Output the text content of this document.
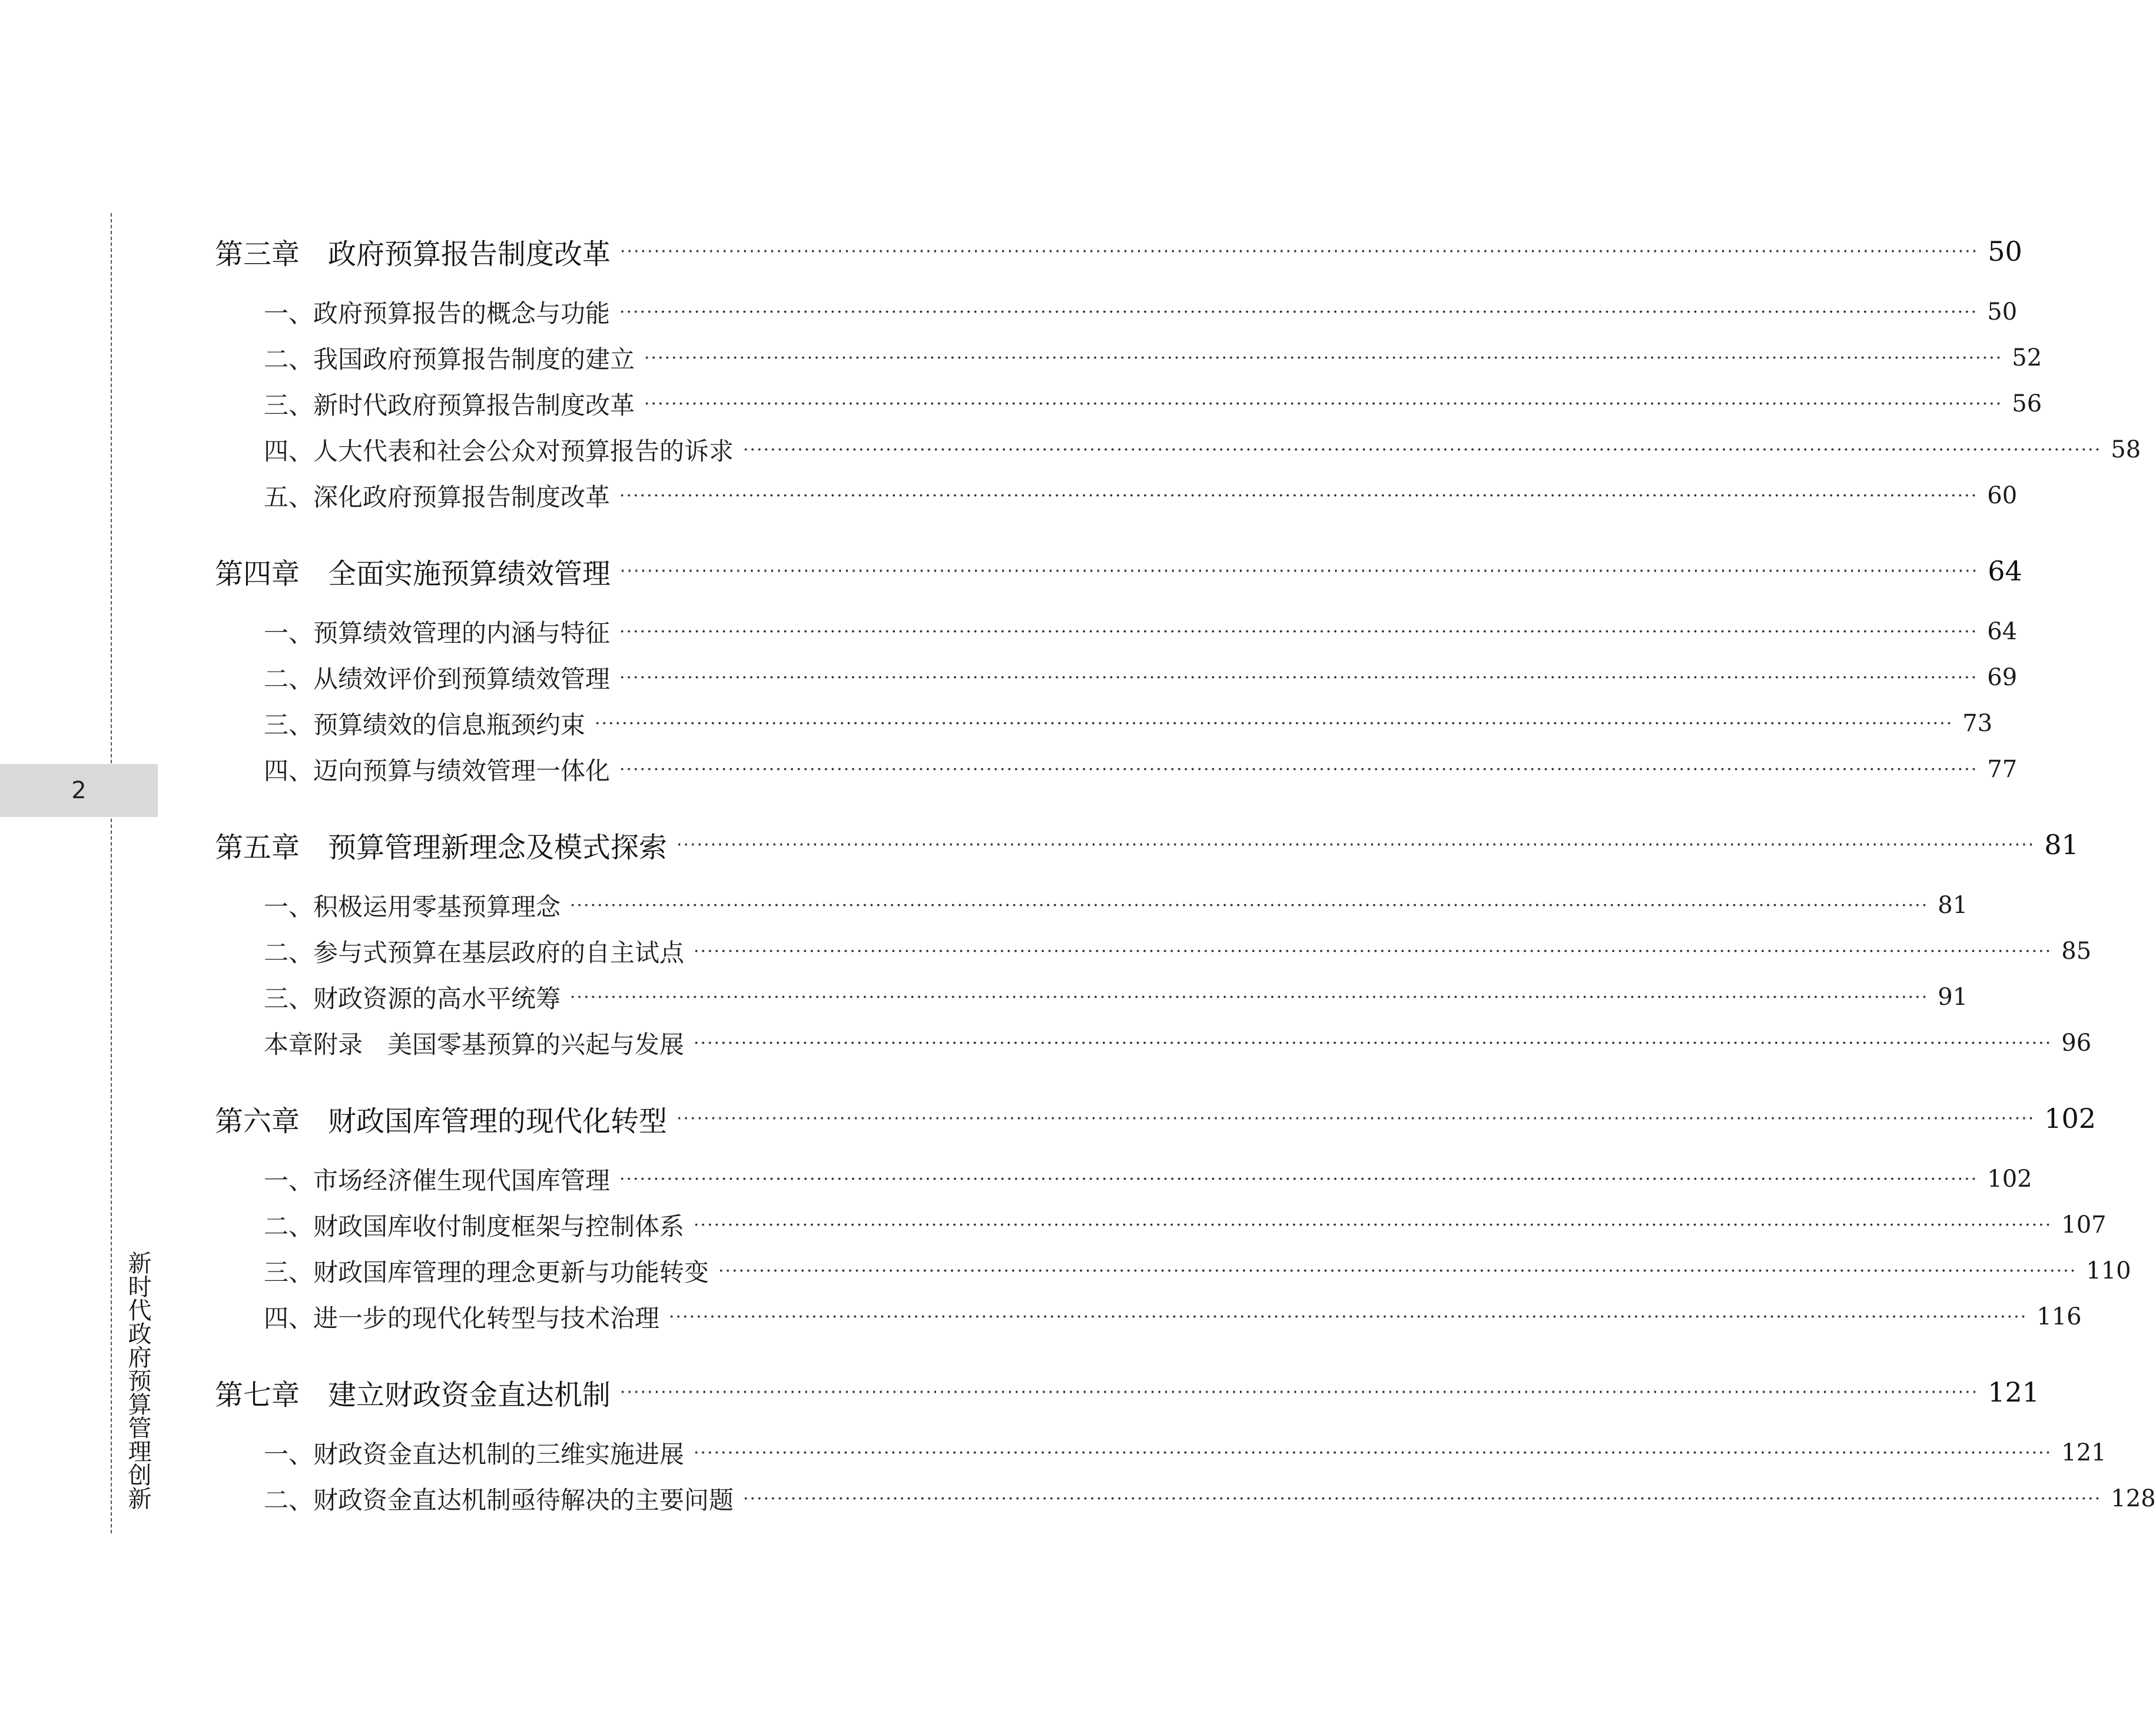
2
新时代政府预算管理创新
第三章　政府预算报告制度改革 ········································································································································································································ 50
一、政府预算报告的概念与功能 ········································································································································································································ 50
二、我国政府预算报告制度的建立 ········································································································································································································ 52
三、新时代政府预算报告制度改革 ········································································································································································································ 56
四、人大代表和社会公众对预算报告的诉求 ········································································································································································································ 58
五、深化政府预算报告制度改革 ········································································································································································································ 60
第四章　全面实施预算绩效管理 ········································································································································································································ 64
一、预算绩效管理的内涵与特征 ········································································································································································································ 64
二、从绩效评价到预算绩效管理 ········································································································································································································ 69
三、预算绩效的信息瓶颈约束 ········································································································································································································ 73
四、迈向预算与绩效管理一体化 ········································································································································································································ 77
第五章　预算管理新理念及模式探索 ········································································································································································································ 81
一、积极运用零基预算理念 ········································································································································································································ 81
二、参与式预算在基层政府的自主试点 ········································································································································································································ 85
三、财政资源的高水平统筹 ········································································································································································································ 91
本章附录　美国零基预算的兴起与发展 ········································································································································································································ 96
第六章　财政国库管理的现代化转型 ········································································································································································································ 102
一、市场经济催生现代国库管理 ········································································································································································································ 102
二、财政国库收付制度框架与控制体系 ········································································································································································································ 107
三、财政国库管理的理念更新与功能转变 ········································································································································································································ 110
四、进一步的现代化转型与技术治理 ········································································································································································································ 116
第七章　建立财政资金直达机制 ········································································································································································································ 121
一、财政资金直达机制的三维实施进展 ········································································································································································································ 121
二、财政资金直达机制亟待解决的主要问题 ········································································································································································································ 128
